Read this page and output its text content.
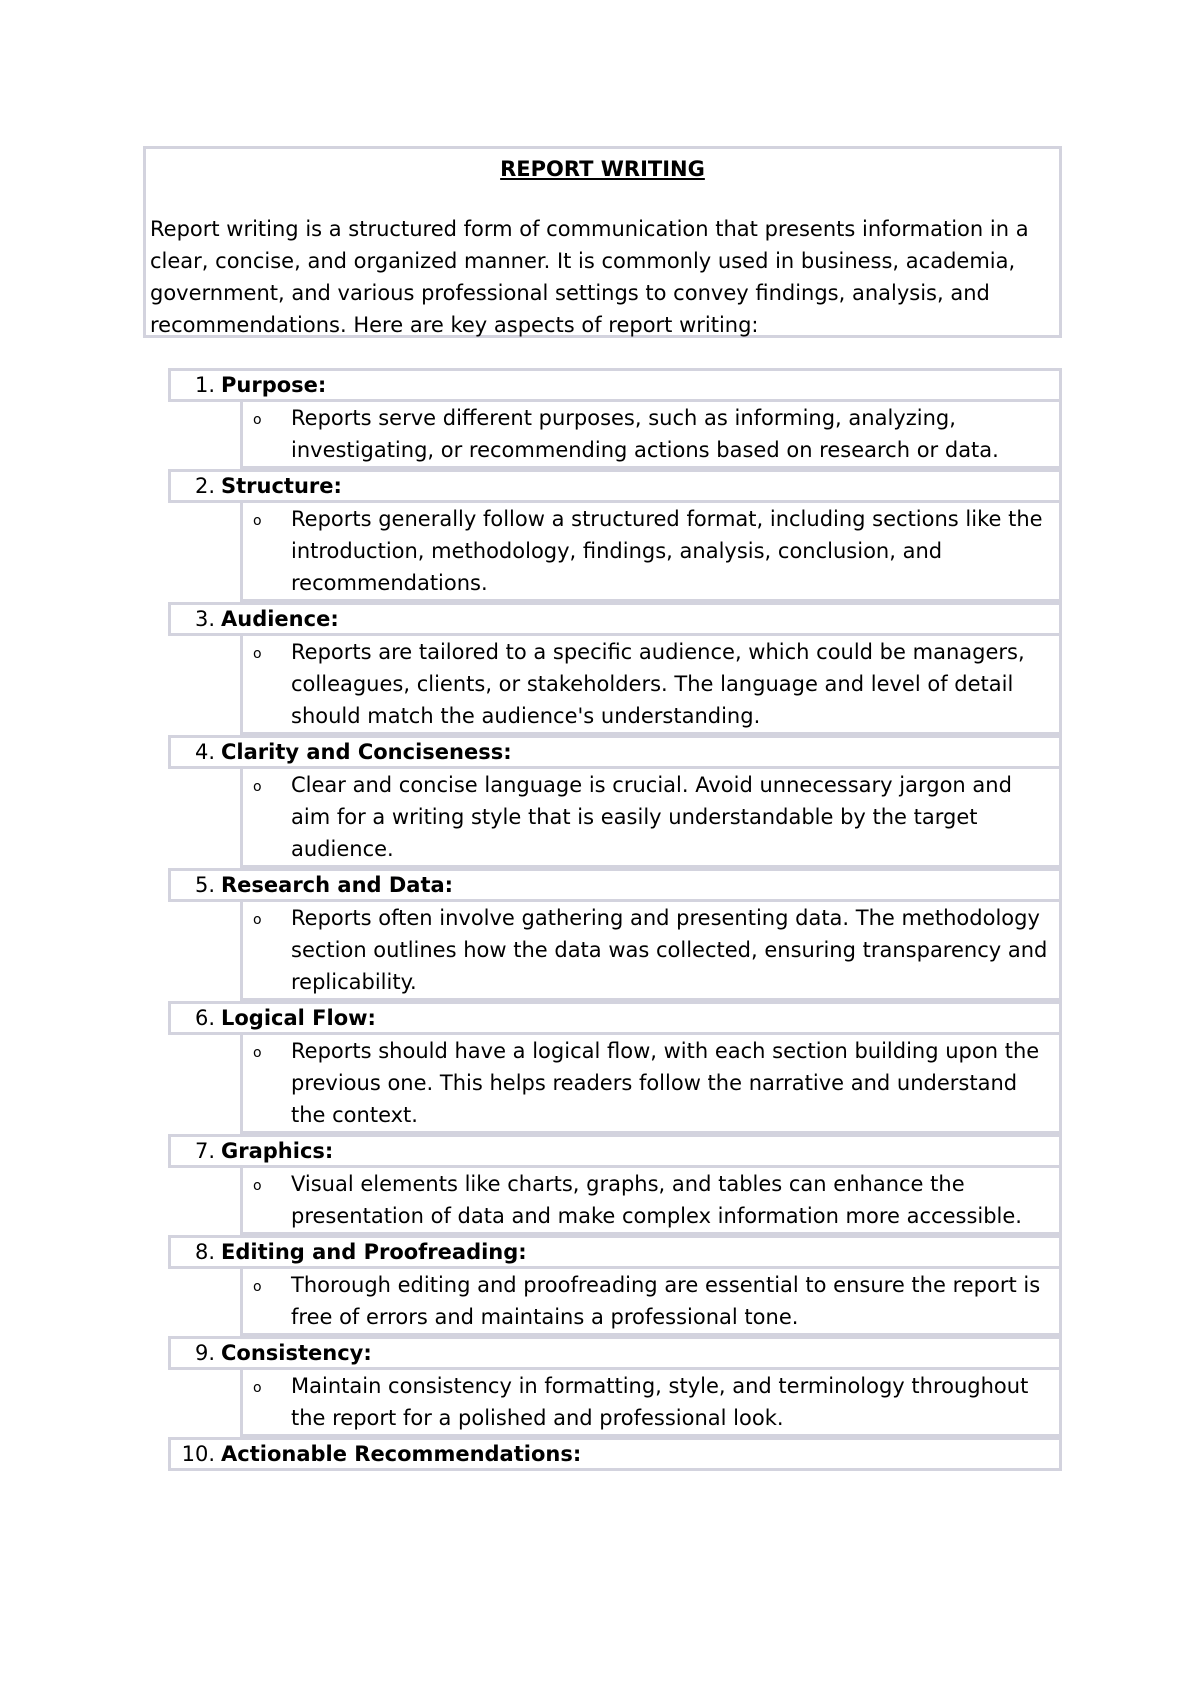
REPORT WRITING
Report writing is a structured form of communication that presents information in a clear, concise, and organized manner. It is commonly used in business, academia, government, and various professional settings to convey findings, analysis, and recommendations. Here are key aspects of report writing:
1. Purpose:
o Reports serve different purposes, such as informing, analyzing, investigating, or recommending actions based on research or data.
2. Structure:
o Reports generally follow a structured format, including sections like the introduction, methodology, findings, analysis, conclusion, and recommendations.
3. Audience:
o Reports are tailored to a specific audience, which could be managers, colleagues, clients, or stakeholders. The language and level of detail should match the audience's understanding.
4. Clarity and Conciseness:
o Clear and concise language is crucial. Avoid unnecessary jargon and aim for a writing style that is easily understandable by the target audience.
5. Research and Data:
o Reports often involve gathering and presenting data. The methodology section outlines how the data was collected, ensuring transparency and replicability.
6. Logical Flow:
o Reports should have a logical flow, with each section building upon the previous one. This helps readers follow the narrative and understand the context.
7. Graphics:
o Visual elements like charts, graphs, and tables can enhance the presentation of data and make complex information more accessible.
8. Editing and Proofreading:
o Thorough editing and proofreading are essential to ensure the report is free of errors and maintains a professional tone.
9. Consistency:
o Maintain consistency in formatting, style, and terminology throughout the report for a polished and professional look.
10. Actionable Recommendations:
